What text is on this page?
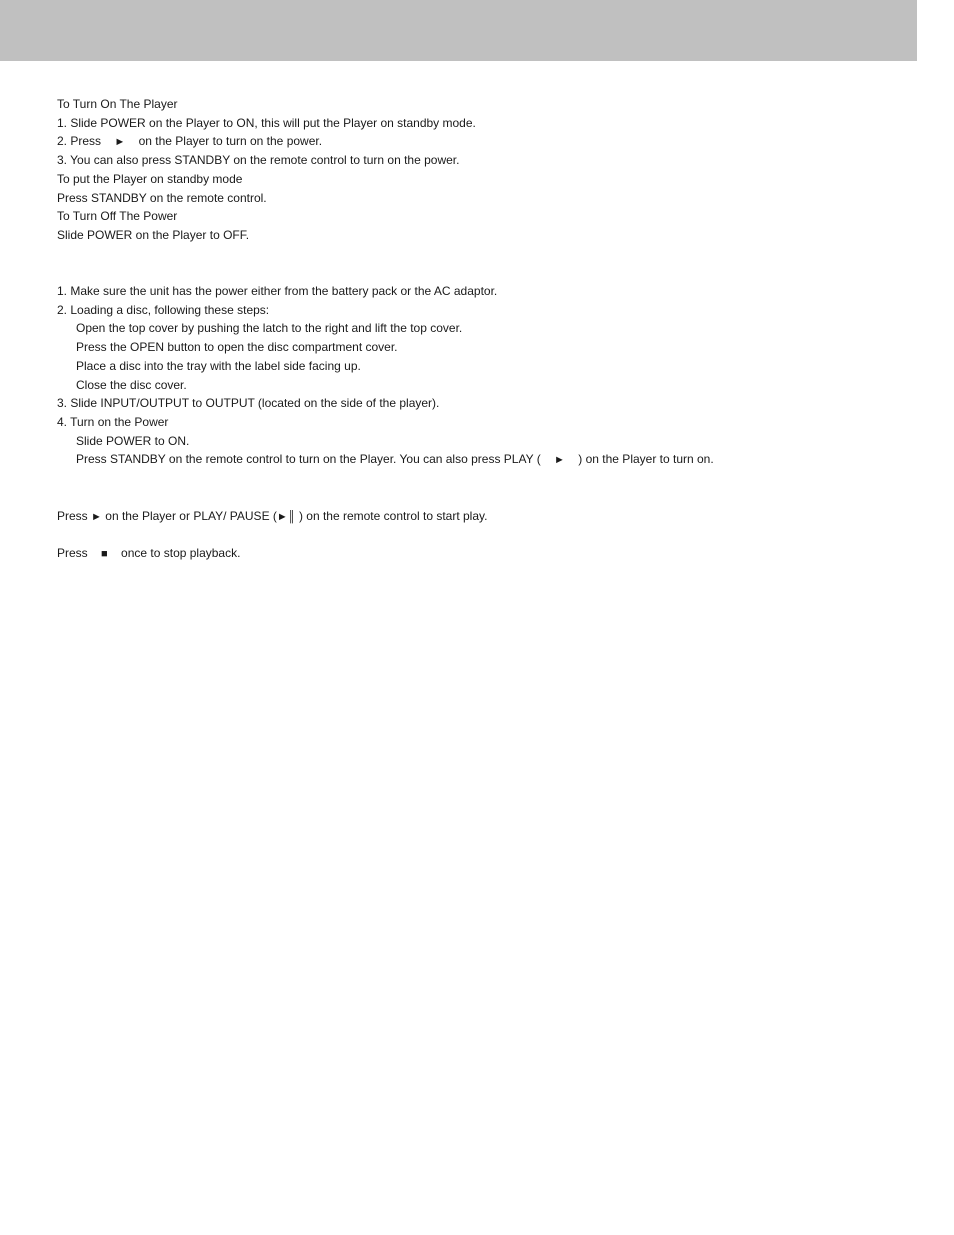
To Turn On The Player
1. Slide POWER on the Player to ON, this will put the Player on standby mode.
2. Press ► on the Player to turn on the power.
3. You can also press STANDBY on the remote control to turn on the power.
To put the Player on standby mode
Press STANDBY on the remote control.
To Turn Off The Power
Slide POWER on the Player to OFF.
1. Make sure the unit has the power either from the battery pack or the AC adaptor.
2. Loading a disc, following these steps:
Open the top cover by pushing the latch to the right and lift the top cover.
Press the OPEN button to open the disc compartment cover.
Place a disc into the tray with the label side facing up.
Close the disc cover.
3. Slide INPUT/OUTPUT to OUTPUT (located on the side of the player).
4. Turn on the Power
Slide POWER to ON.
Press STANDBY on the remote control to turn on the Player. You can also press PLAY ( ► ) on the Player to turn on.
Press ► on the Player or PLAY/ PAUSE (►║ ) on the remote control to start play.
Press ■ once to stop playback.
